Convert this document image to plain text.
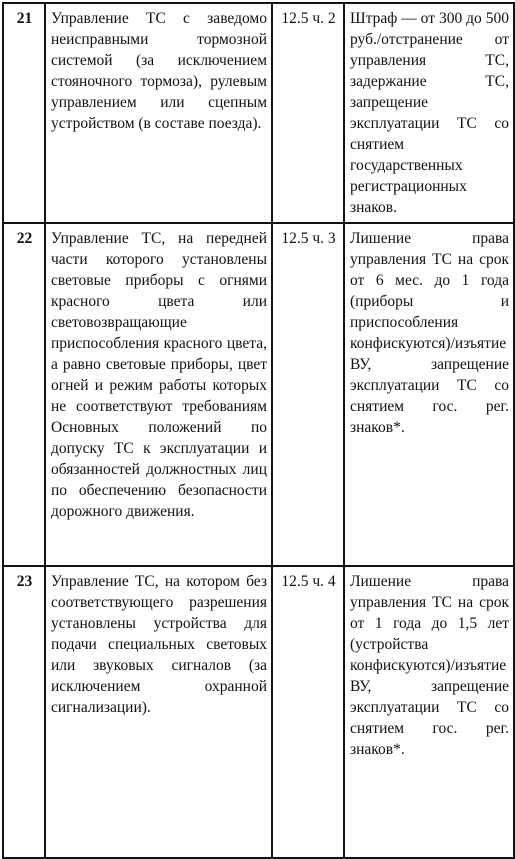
21	Управление ТС с заведомо неисправными тормозной системой (за исключением стояночного тормоза), рулевым управлением или сцепным устройством (в составе поезда).	12.5 ч. 2	Штраф — от 300 до 500 руб./отстранение от управления ТС, задержание ТС, запрещение эксплуатации ТС со снятием государственных регистрационных знаков.
22	Управление ТС, на передней части которого установлены световые приборы с огнями красного цвета или световозвращающие приспособления красного цвета, а равно световые приборы, цвет огней и режим работы которых не соответствуют требованиям Основных положений по допуску ТС к эксплуатации и обязанностей должностных лиц по обеспечению безопасности дорожного движения.	12.5 ч. 3	Лишение права управления ТС на срок от 6 мес. до 1 года (приборы и приспособления конфискуются)/изъятие ВУ, запрещение эксплуатации ТС со снятием гос. рег. знаков*.
23	Управление ТС, на котором без соответствующего разрешения установлены устройства для подачи специальных световых или звуковых сигналов (за исключением охранной сигнализации).	12.5 ч. 4	Лишение права управления ТС на срок от 1 года до 1,5 лет (устройства конфискуются)/изъятие ВУ, запрещение эксплуатации ТС со снятием гос. рег. знаков*.
